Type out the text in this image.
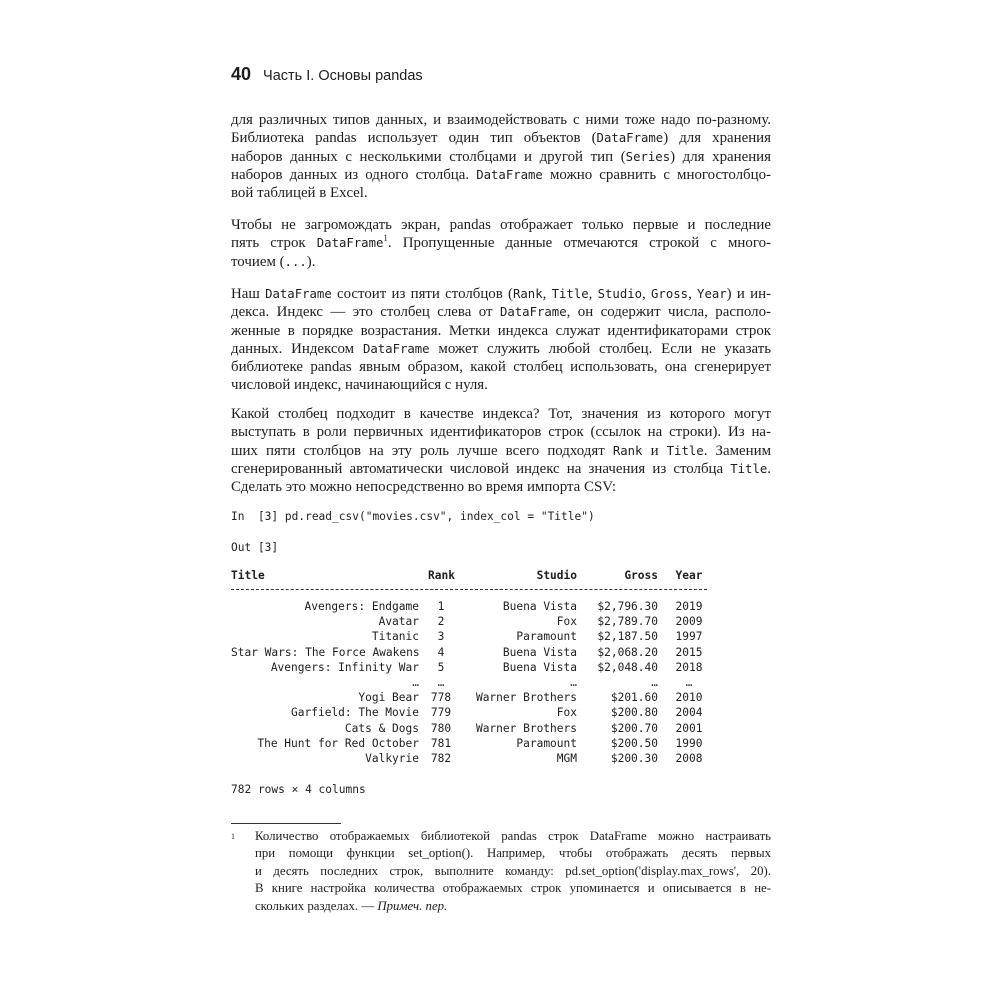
40 Часть I. Основы pandas
для различных типов данных, и взаимодействовать с ними тоже надо по-разному.
Библиотека pandas использует один тип объектов (DataFrame) для хранения
наборов данных с несколькими столбцами и другой тип (Series) для хранения
наборов данных из одного столбца. DataFrame можно сравнить с многостолбцо-
вой таблицей в Excel.
Чтобы не загромождать экран, pandas отображает только первые и последние
пять строк DataFrame$^1$. Пропущенные данные отмечаются строкой с много-
точием (...).
Наш DataFrame состоит из пяти столбцов (Rank, Title, Studio, Gross, Year) и ин-
декса. Индекс — это столбец слева от DataFrame, он содержит числа, располо-
женные в порядке возрастания. Метки индекса служат идентификаторами строк
данных. Индексом DataFrame может служить любой столбец. Если не указать
библиотеке pandas явным образом, какой столбец использовать, она сгенерирует
числовой индекс, начинающийся с нуля.
Какой столбец подходит в качестве индекса? Тот, значения из которого могут
выступать в роли первичных идентификаторов строк (ссылок на строки). Из на-
ших пяти столбцов на эту роль лучше всего подходят Rank и Title. Заменим
сгенерированный автоматически числовой индекс на значения из столбца Title.
Сделать это можно непосредственно во время импорта CSV:
In  [3] pd.read_csv("movies.csv", index_col = "Title")
Out [3]
Title	Rank	Studio	Gross	Year
Avengers: Endgame	1	Buena Vista	$2,796.30	2019
Avatar	2	Fox	$2,789.70	2009
Titanic	3	Paramount	$2,187.50	1997
Star Wars: The Force Awakens	4	Buena Vista	$2,068.20	2015
Avengers: Infinity War	5	Buena Vista	$2,048.40	2018
…	…	…	…	…
Yogi Bear	778	Warner Brothers	$201.60	2010
Garfield: The Movie	779	Fox	$200.80	2004
Cats & Dogs	780	Warner Brothers	$200.70	2001
The Hunt for Red October	781	Paramount	$200.50	1990
Valkyrie	782	MGM	$200.30	2008
782 rows × 4 columns
1 Количество отображаемых библиотекой pandas строк DataFrame можно настраивать
при помощи функции set_option(). Например, чтобы отображать десять первых
и десять последних строк, выполните команду: pd.set_option('display.max_rows', 20).
В книге настройка количества отображаемых строк упоминается и описывается в не-
скольких разделах. — Примеч. пер.
